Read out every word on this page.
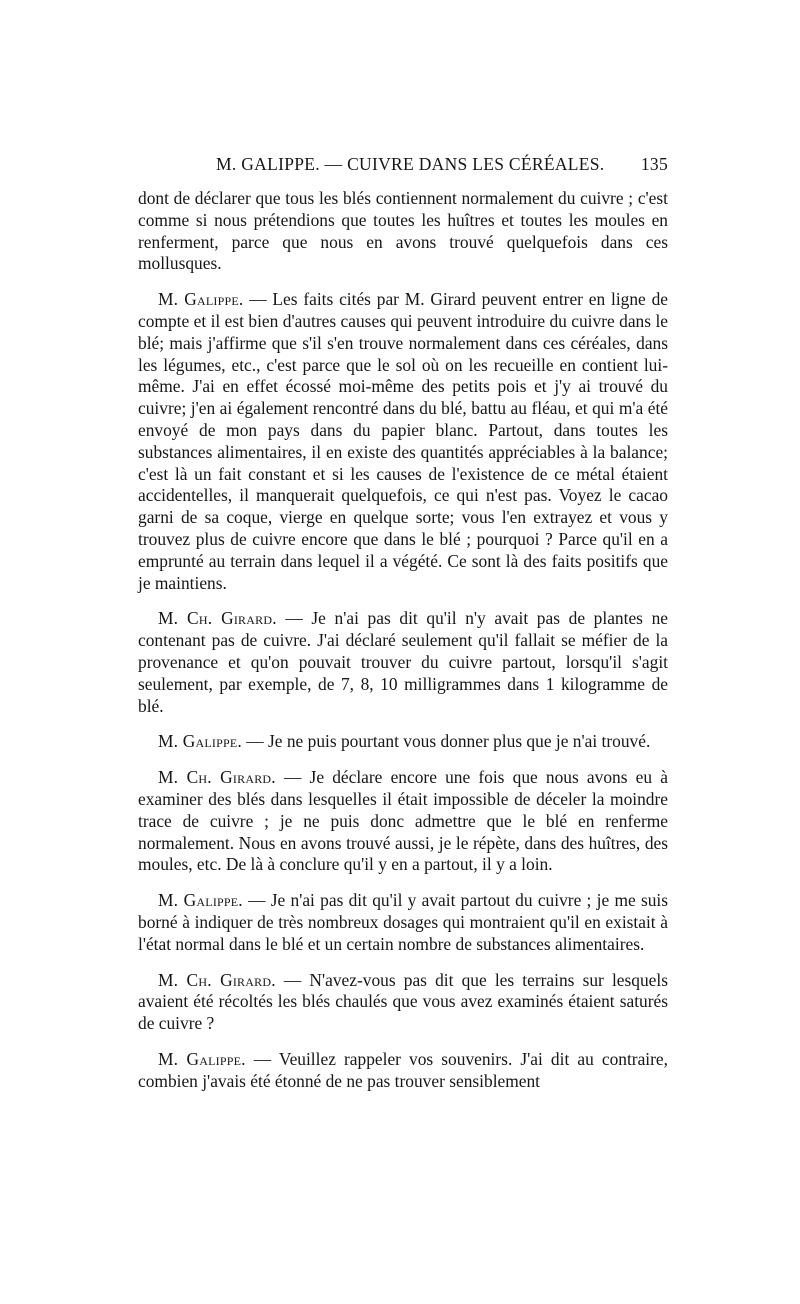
M. GALIPPE. — CUIVRE DANS LES CÉRÉALES. 135

dont de déclarer que tous les blés contiennent normalement du cuivre ; c'est comme si nous prétendions que toutes les huîtres et toutes les moules en renferment, parce que nous en avons trouvé quelquefois dans ces mollusques.

M. Galippe. — Les faits cités par M. Girard peuvent entrer en ligne de compte et il est bien d'autres causes qui peuvent introduire du cuivre dans le blé; mais j'affirme que s'il s'en trouve normalement dans ces céréales, dans les légumes, etc., c'est parce que le sol où on les recueille en contient lui-même. J'ai en effet écossé moi-même des petits pois et j'y ai trouvé du cuivre; j'en ai également rencontré dans du blé, battu au fléau, et qui m'a été envoyé de mon pays dans du papier blanc. Partout, dans toutes les substances alimentaires, il en existe des quantités appréciables à la balance; c'est là un fait constant et si les causes de l'existence de ce métal étaient accidentelles, il manquerait quelquefois, ce qui n'est pas. Voyez le cacao garni de sa coque, vierge en quelque sorte; vous l'en extrayez et vous y trouvez plus de cuivre encore que dans le blé ; pourquoi ? Parce qu'il en a emprunté au terrain dans lequel il a végété. Ce sont là des faits positifs que je maintiens.

M. Ch. Girard. — Je n'ai pas dit qu'il n'y avait pas de plantes ne contenant pas de cuivre. J'ai déclaré seulement qu'il fallait se méfier de la provenance et qu'on pouvait trouver du cuivre partout, lorsqu'il s'agit seulement, par exemple, de 7, 8, 10 milligrammes dans 1 kilogramme de blé.

M. Galippe. — Je ne puis pourtant vous donner plus que je n'ai trouvé.

M. Ch. Girard. — Je déclare encore une fois que nous avons eu à examiner des blés dans lesquelles il était impossible de déceler la moindre trace de cuivre ; je ne puis donc admettre que le blé en renferme normalement. Nous en avons trouvé aussi, je le répète, dans des huîtres, des moules, etc. De là à conclure qu'il y en a partout, il y a loin.

M. Galippe. — Je n'ai pas dit qu'il y avait partout du cuivre ; je me suis borné à indiquer de très nombreux dosages qui montraient qu'il en existait à l'état normal dans le blé et un certain nombre de substances alimentaires.

M. Ch. Girard. — N'avez-vous pas dit que les terrains sur lesquels avaient été récoltés les blés chaulés que vous avez examinés étaient saturés de cuivre ?

M. Galippe. — Veuillez rappeler vos souvenirs. J'ai dit au contraire, combien j'avais été étonné de ne pas trouver sensiblement
